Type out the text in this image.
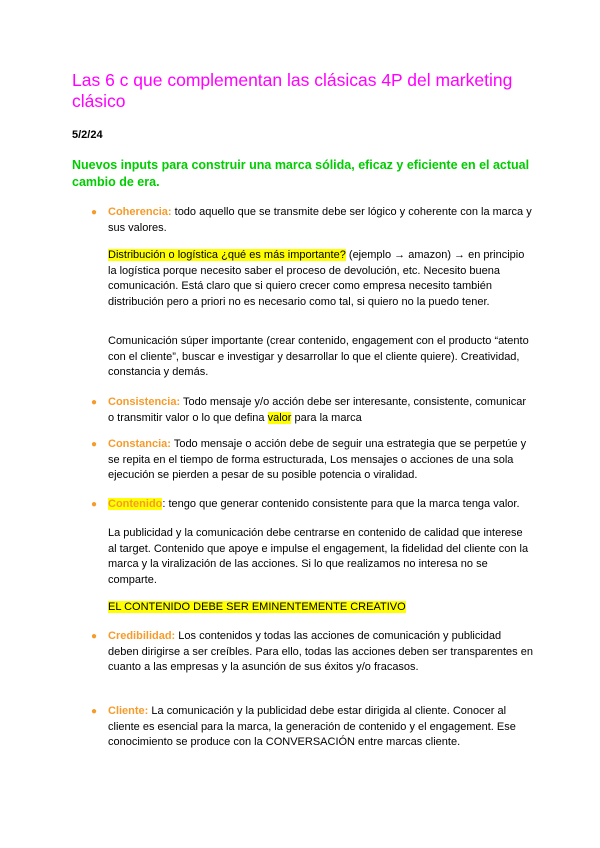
Las 6 c que complementan las clásicas 4P del marketing clásico
5/2/24

Nuevos inputs para construir una marca sólida, eficaz y eficiente en el actual cambio de era.

● Coherencia: todo aquello que se transmite debe ser lógico y coherente con la marca y sus valores.
Distribución o logística ¿qué es más importante? (ejemplo → amazon) → en principio la logística porque necesito saber el proceso de devolución, etc. Necesito buena comunicación. Está claro que si quiero crecer como empresa necesito también distribución pero a priori no es necesario como tal, si quiero no la puedo tener.
Comunicación súper importante (crear contenido, engagement con el producto “atento con el cliente”, buscar e investigar y desarrollar lo que el cliente quiere). Creatividad, constancia y demás.
● Consistencia: Todo mensaje y/o acción debe ser interesante, consistente, comunicar o transmitir valor o lo que defina valor para la marca
● Constancia: Todo mensaje o acción debe de seguir una estrategia que se perpetúe y se repita en el tiempo de forma estructurada, Los mensajes o acciones de una sola ejecución se pierden a pesar de su posible potencia o viralidad.
● Contenido: tengo que generar contenido consistente para que la marca tenga valor.
La publicidad y la comunicación debe centrarse en contenido de calidad que interese al target. Contenido que apoye e impulse el engagement, la fidelidad del cliente con la marca y la viralización de las acciones. Si lo que realizamos no interesa no se comparte.
EL CONTENIDO DEBE SER EMINENTEMENTE CREATIVO
● Credibilidad: Los contenidos y todas las acciones de comunicación y publicidad deben dirigirse a ser creíbles. Para ello, todas las acciones deben ser transparentes en cuanto a las empresas y la asunción de sus éxitos y/o fracasos.
● Cliente: La comunicación y la publicidad debe estar dirigida al cliente. Conocer al cliente es esencial para la marca, la generación de contenido y el engagement. Ese conocimiento se produce con la CONVERSACIÓN entre marcas cliente.
